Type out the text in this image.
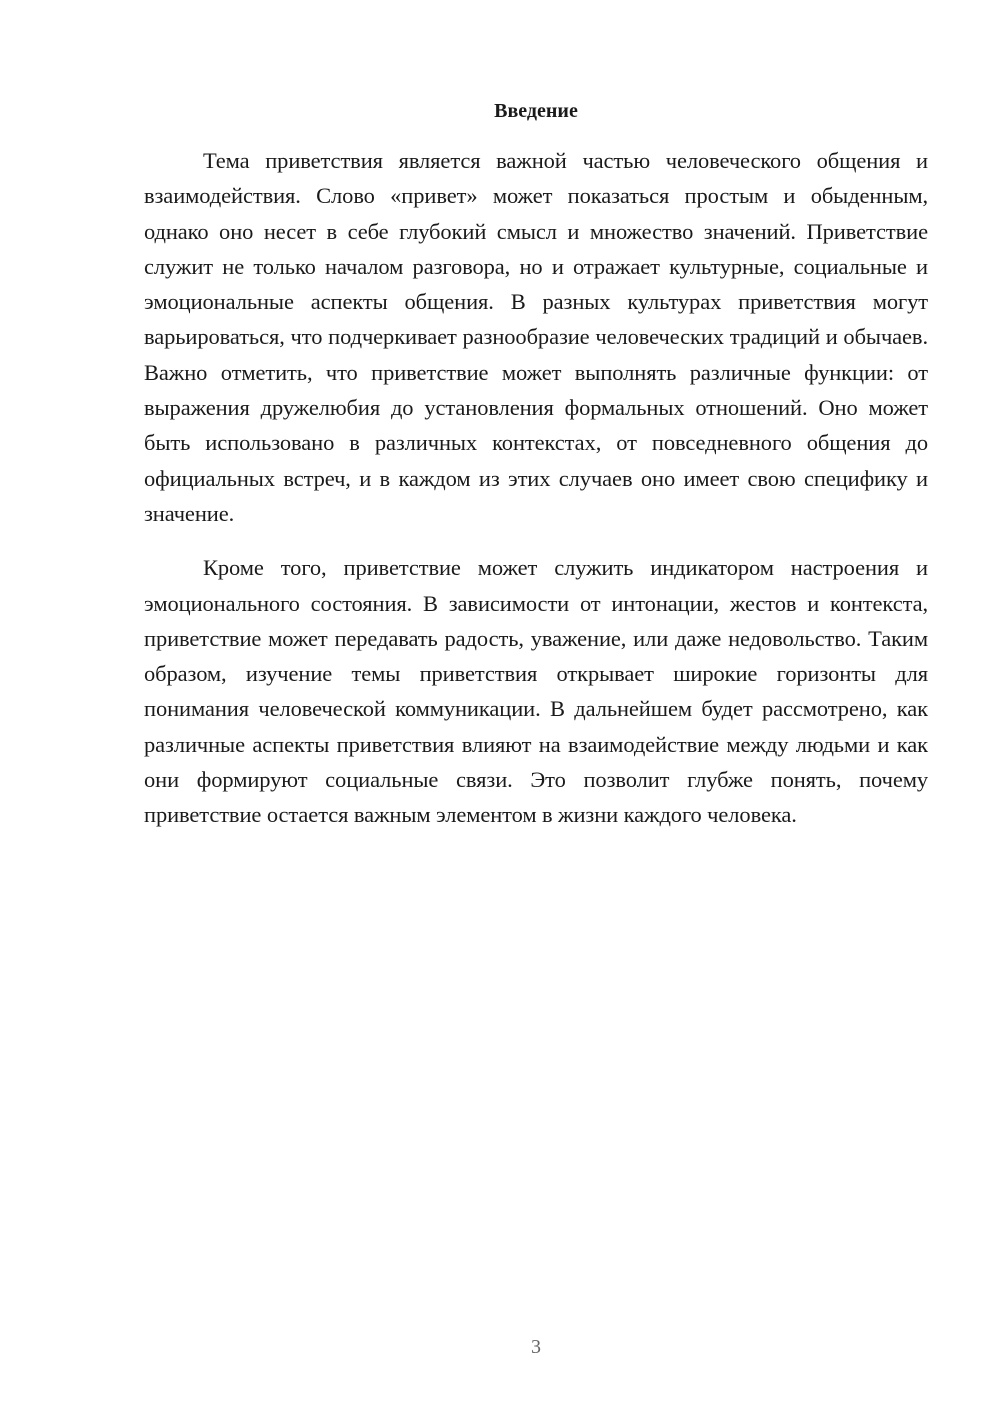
Введение

Тема приветствия является важной частью человеческого общения и взаимодействия. Слово «привет» может показаться простым и обыденным, однако оно несет в себе глубокий смысл и множество значений. Приветствие служит не только началом разговора, но и отражает культурные, социальные и эмоциональные аспекты общения. В разных культурах приветствия могут варьироваться, что подчеркивает разнообразие человеческих традиций и обычаев. Важно отметить, что приветствие может выполнять различные функции: от выражения дружелюбия до установления формальных отношений. Оно может быть использовано в различных контекстах, от повседневного общения до официальных встреч, и в каждом из этих случаев оно имеет свою специфику и значение.

Кроме того, приветствие может служить индикатором настроения и эмоционального состояния. В зависимости от интонации, жестов и контекста, приветствие может передавать радость, уважение, или даже недовольство. Таким образом, изучение темы приветствия открывает широкие горизонты для понимания человеческой коммуникации. В дальнейшем будет рассмотрено, как различные аспекты приветствия влияют на взаимодействие между людьми и как они формируют социальные связи. Это позволит глубже понять, почему приветствие остается важным элементом в жизни каждого человека.

3
